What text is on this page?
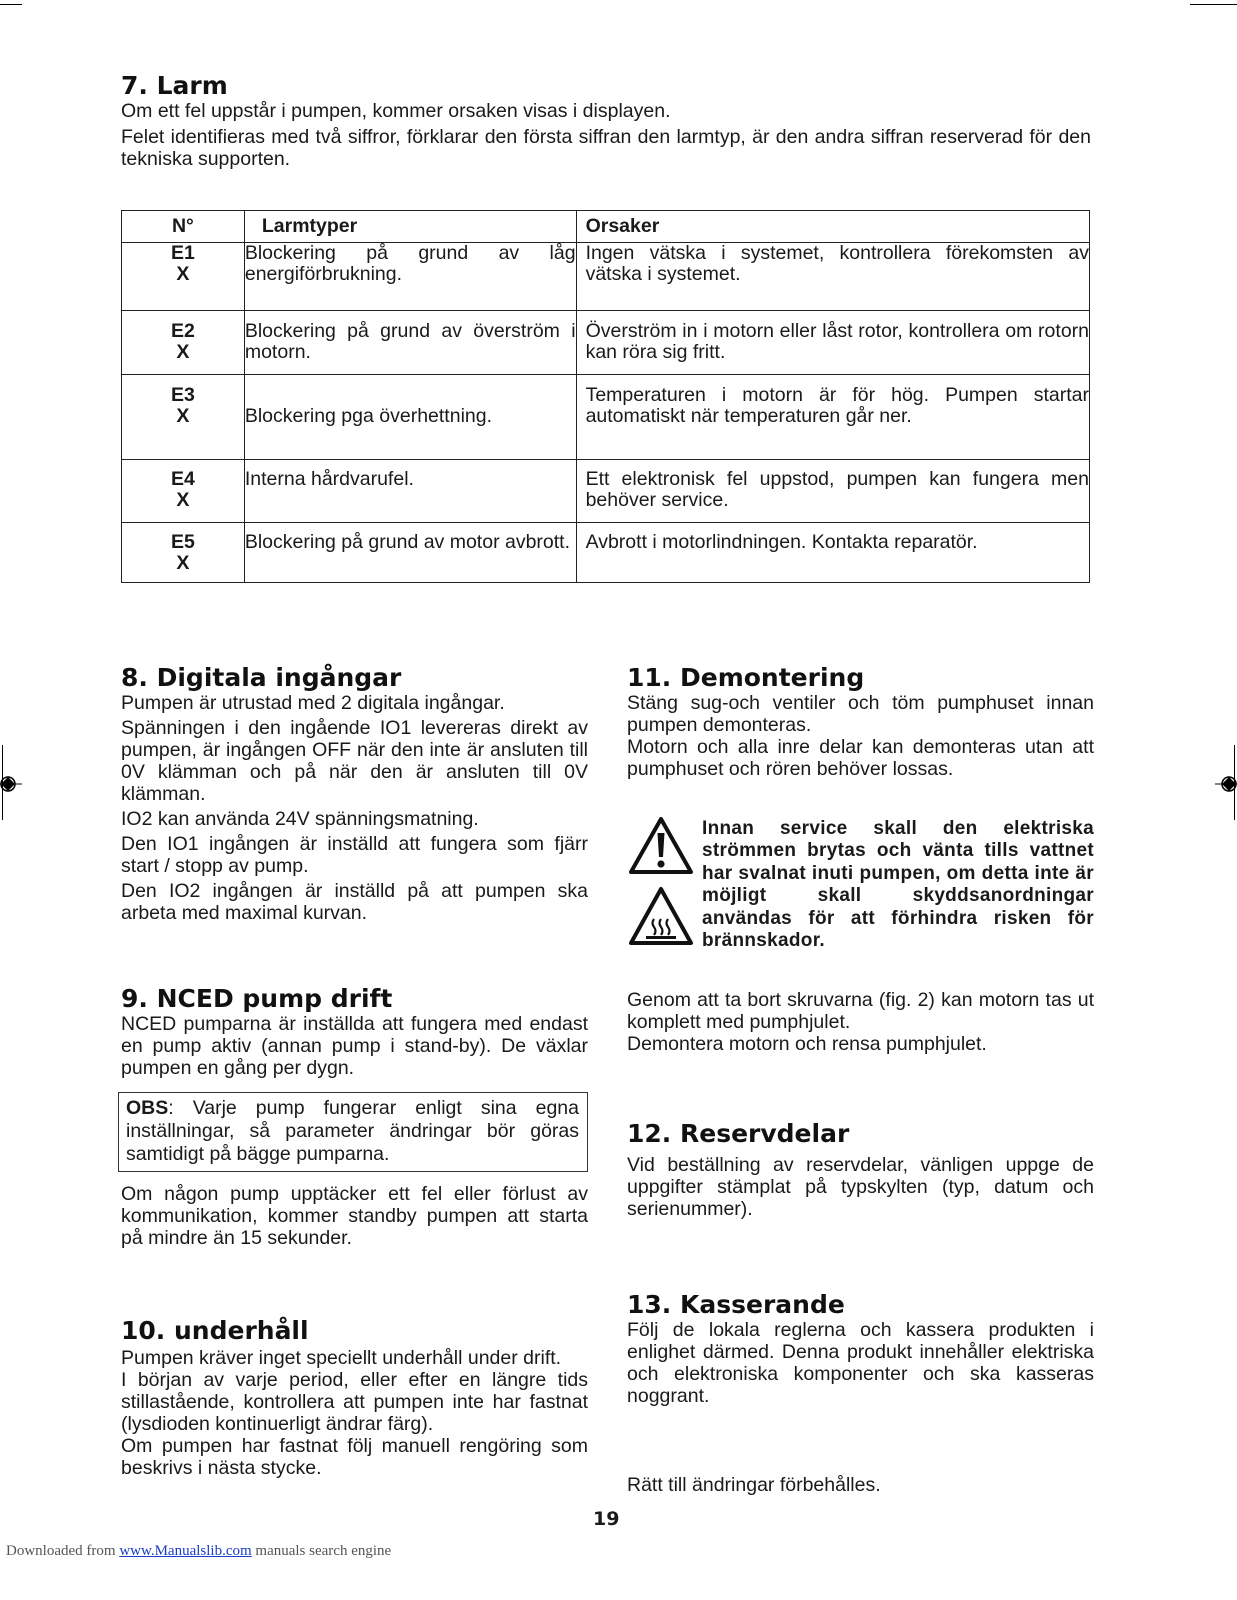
7. Larm

Om ett fel uppstår i pumpen, kommer orsaken visas i displayen.

Felet identifieras med två siffror, förklarar den första siffran den larmtyp, är den andra siffran reserverad för den tekniska supporten.

N°	Larmtyper	Orsaker

E1
X	Blockering på grund av låg energiförbrukning.	Ingen vätska i systemet, kontrollera förekomsten av vätska i systemet.

E2
X	Blockering på grund av överström i motorn.	Överström in i motorn eller låst rotor, kontrollera om rotorn kan röra sig fritt.

E3
X	Blockering pga överhettning.	Temperaturen i motorn är för hög. Pumpen startar automatiskt när temperaturen går ner.

E4
X	Interna hårdvarufel.	Ett elektronisk fel uppstod, pumpen kan fungera men behöver service.

E5
X	Blockering på grund av motor avbrott.	Avbrott i motorlindningen. Kontakta reparatör.
8. Digitala ingångar

Pumpen är utrustad med 2 digitala ingångar.

Spänningen i den ingående IO1 levereras direkt av pumpen, är ingången OFF när den inte är ansluten till 0V klämman och på när den är ansluten till 0V klämman.

IO2 kan använda 24V spänningsmatning.

Den IO1 ingången är inställd att fungera som fjärr start / stopp av pump.

Den IO2 ingången är inställd på att pumpen ska arbeta med maximal kurvan.

9. NCED pump drift

NCED pumparna är inställda att fungera med endast en pump aktiv (annan pump i stand-by). De växlar pumpen en gång per dygn.

OBS: Varje pump fungerar enligt sina egna inställningar, så parameter ändringar bör göras samtidigt på bägge pumparna.

Om någon pump upptäcker ett fel eller förlust av kommunikation, kommer standby pumpen att starta på mindre än 15 sekunder.

10. underhåll

Pumpen kräver inget speciellt underhåll under drift.

I början av varje period, eller efter en längre tids stillastående, kontrollera att pumpen inte har fastnat (lysdioden kontinuerligt ändrar färg).

Om pumpen har fastnat följ manuell rengöring som beskrivs i nästa stycke.

11. Demontering

Stäng sug-och ventiler och töm pumphuset innan pumpen demonteras.

Motorn och alla inre delar kan demonteras utan att pumphuset och rören behöver lossas.

Innan service skall den elektriska strömmen brytas och vänta tills vattnet har svalnat inuti pumpen, om detta inte är möjligt skall skyddsanordningar användas för att förhindra risken för brännskador.

Genom att ta bort skruvarna (fig. 2) kan motorn tas ut komplett med pumphjulet.

Demontera motorn och rensa pumphjulet.

12. Reservdelar

Vid beställning av reservdelar, vänligen uppge de uppgifter stämplat på typskylten (typ, datum och serienummer).

13. Kasserande

Följ de lokala reglerna och kassera produkten i enlighet därmed. Denna produkt innehåller elektriska och elektroniska komponenter och ska kasseras noggrant.

Rätt till ändringar förbehålles.

19
Downloaded from www.Manualslib.com manuals search engine
